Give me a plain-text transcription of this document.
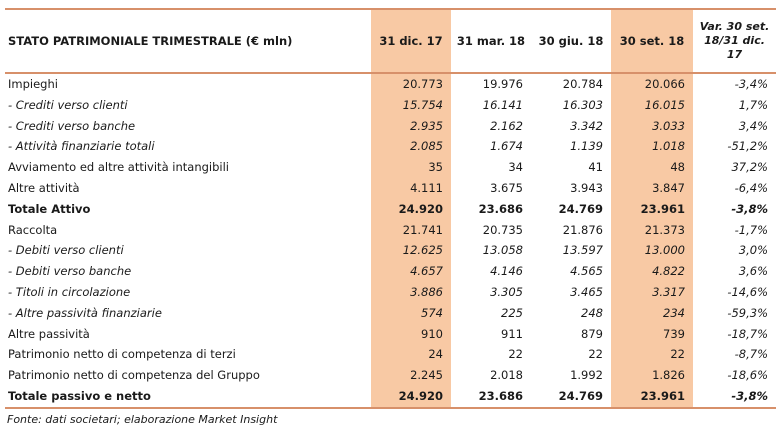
STATO PATRIMONIALE TRIMESTRALE (€ mln)	31 dic. 17	31 mar. 18	30 giu. 18	30 set. 18	Var. 30 set. 18/31 dic. 17
Impieghi	20.773	19.976	20.784	20.066	-3,4%
- Crediti verso clienti	15.754	16.141	16.303	16.015	1,7%
- Crediti verso banche	2.935	2.162	3.342	3.033	3,4%
- Attività finanziarie totali	2.085	1.674	1.139	1.018	-51,2%
Avviamento ed altre attività intangibili	35	34	41	48	37,2%
Altre attività	4.111	3.675	3.943	3.847	-6,4%
Totale Attivo	24.920	23.686	24.769	23.961	-3,8%
Raccolta	21.741	20.735	21.876	21.373	-1,7%
- Debiti verso clienti	12.625	13.058	13.597	13.000	3,0%
- Debiti verso banche	4.657	4.146	4.565	4.822	3,6%
- Titoli in circolazione	3.886	3.305	3.465	3.317	-14,6%
- Altre passività finanziarie	574	225	248	234	-59,3%
Altre passività	910	911	879	739	-18,7%
Patrimonio netto di competenza di terzi	24	22	22	22	-8,7%
Patrimonio netto di competenza del Gruppo	2.245	2.018	1.992	1.826	-18,6%
Totale passivo e netto	24.920	23.686	24.769	23.961	-3,8%
Fonte: dati societari; elaborazione Market Insight
